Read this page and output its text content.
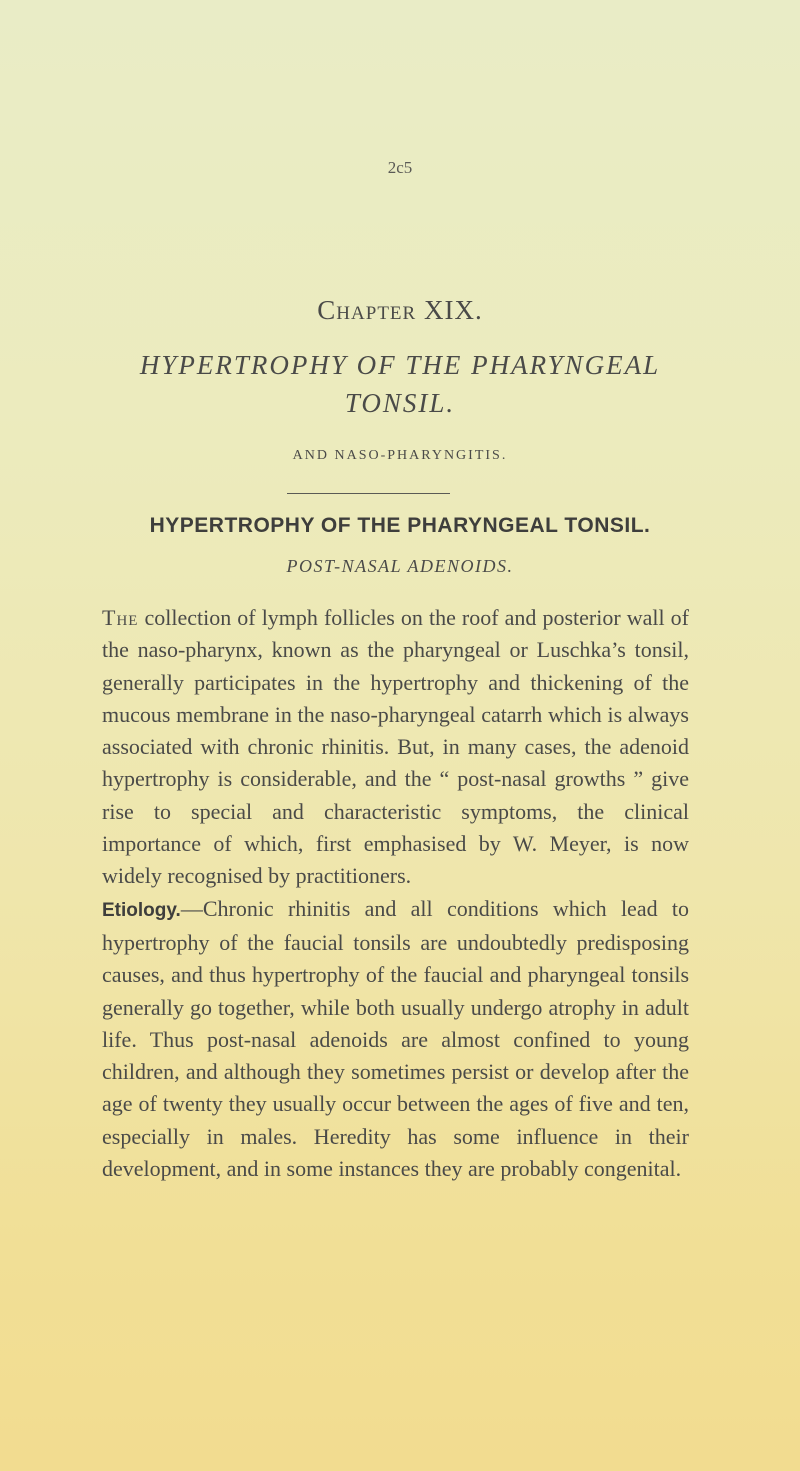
2c5
Chapter XIX.
HYPERTROPHY OF THE PHARYNGEAL
TONSIL.
AND NASO-PHARYNGITIS.
HYPERTROPHY OF THE PHARYNGEAL TONSIL.
POST-NASAL ADENOIDS.

The collection of lymph follicles on the roof and posterior wall of the naso-pharynx, known as the pharyngeal or Luschka’s tonsil, generally participates in the hypertrophy and thickening of the mucous membrane in the naso-pharyngeal catarrh which is always associated with chronic rhinitis. But, in many cases, the adenoid hypertrophy is considerable, and the “ post-nasal growths ” give rise to special and characteristic symptoms, the clinical importance of which, first emphasised by W. Meyer, is now widely recognised by practitioners.

Etiology.—Chronic rhinitis and all conditions which lead to hypertrophy of the faucial tonsils are undoubtedly predisposing causes, and thus hypertrophy of the faucial and pharyngeal tonsils generally go together, while both usually undergo atrophy in adult life. Thus post-nasal adenoids are almost confined to young children, and although they sometimes persist or develop after the age of twenty they usually occur between the ages of five and ten, especially in males. Heredity has some influence in their development, and in some instances they are probably congenital.
